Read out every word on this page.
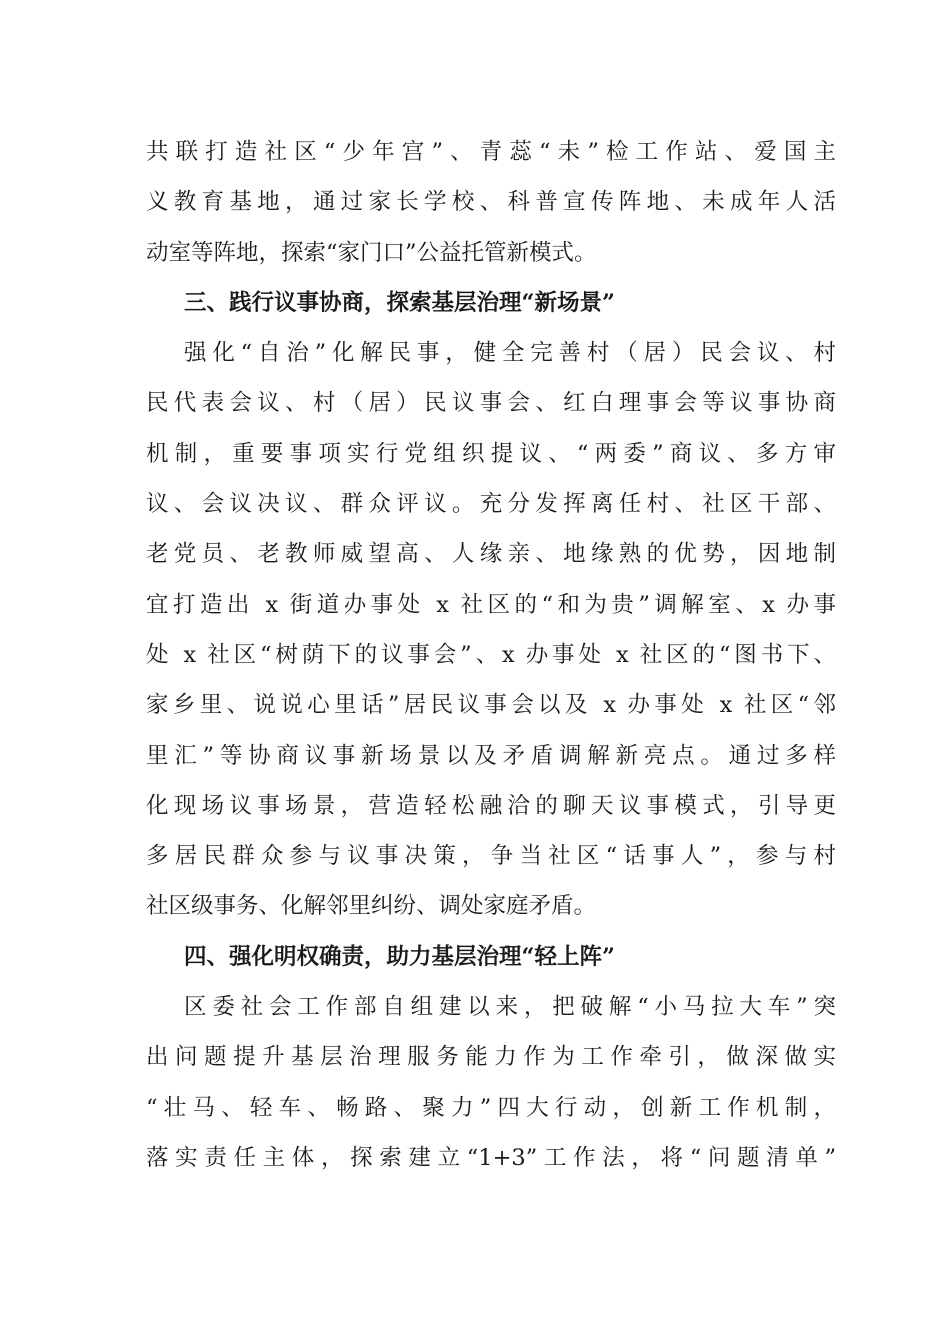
共联打造社区“少年宫”、青蕊“未”检工作站、爱国主
义教育基地，通过家长学校、科普宣传阵地、未成年人活
动室等阵地，探索“家门口”公益托管新模式。
三、践行议事协商，探索基层治理“新场景”
强化“自治”化解民事，健全完善村（居）民会议、村
民代表会议、村（居）民议事会、红白理事会等议事协商
机制，重要事项实行党组织提议、“两委”商议、多方审
议、会议决议、群众评议。充分发挥离任村、社区干部、
老党员、老教师威望高、人缘亲、地缘熟的优势，因地制
宜打造出 x 街道办事处 x 社区的“和为贵”调解室、x 办事
处 x 社区“树荫下的议事会”、x 办事处 x 社区的“图书下、
家乡里、说说心里话”居民议事会以及 x 办事处 x 社区“邻
里汇”等协商议事新场景以及矛盾调解新亮点。通过多样
化现场议事场景，营造轻松融洽的聊天议事模式，引导更
多居民群众参与议事决策，争当社区“话事人”，参与村
社区级事务、化解邻里纠纷、调处家庭矛盾。
四、强化明权确责，助力基层治理“轻上阵”
区委社会工作部自组建以来，把破解“小马拉大车”突
出问题提升基层治理服务能力作为工作牵引，做深做实
“壮马、轻车、畅路、聚力”四大行动，创新工作机制，
落实责任主体，探索建立“1+3”工作法，将“问题清单”
